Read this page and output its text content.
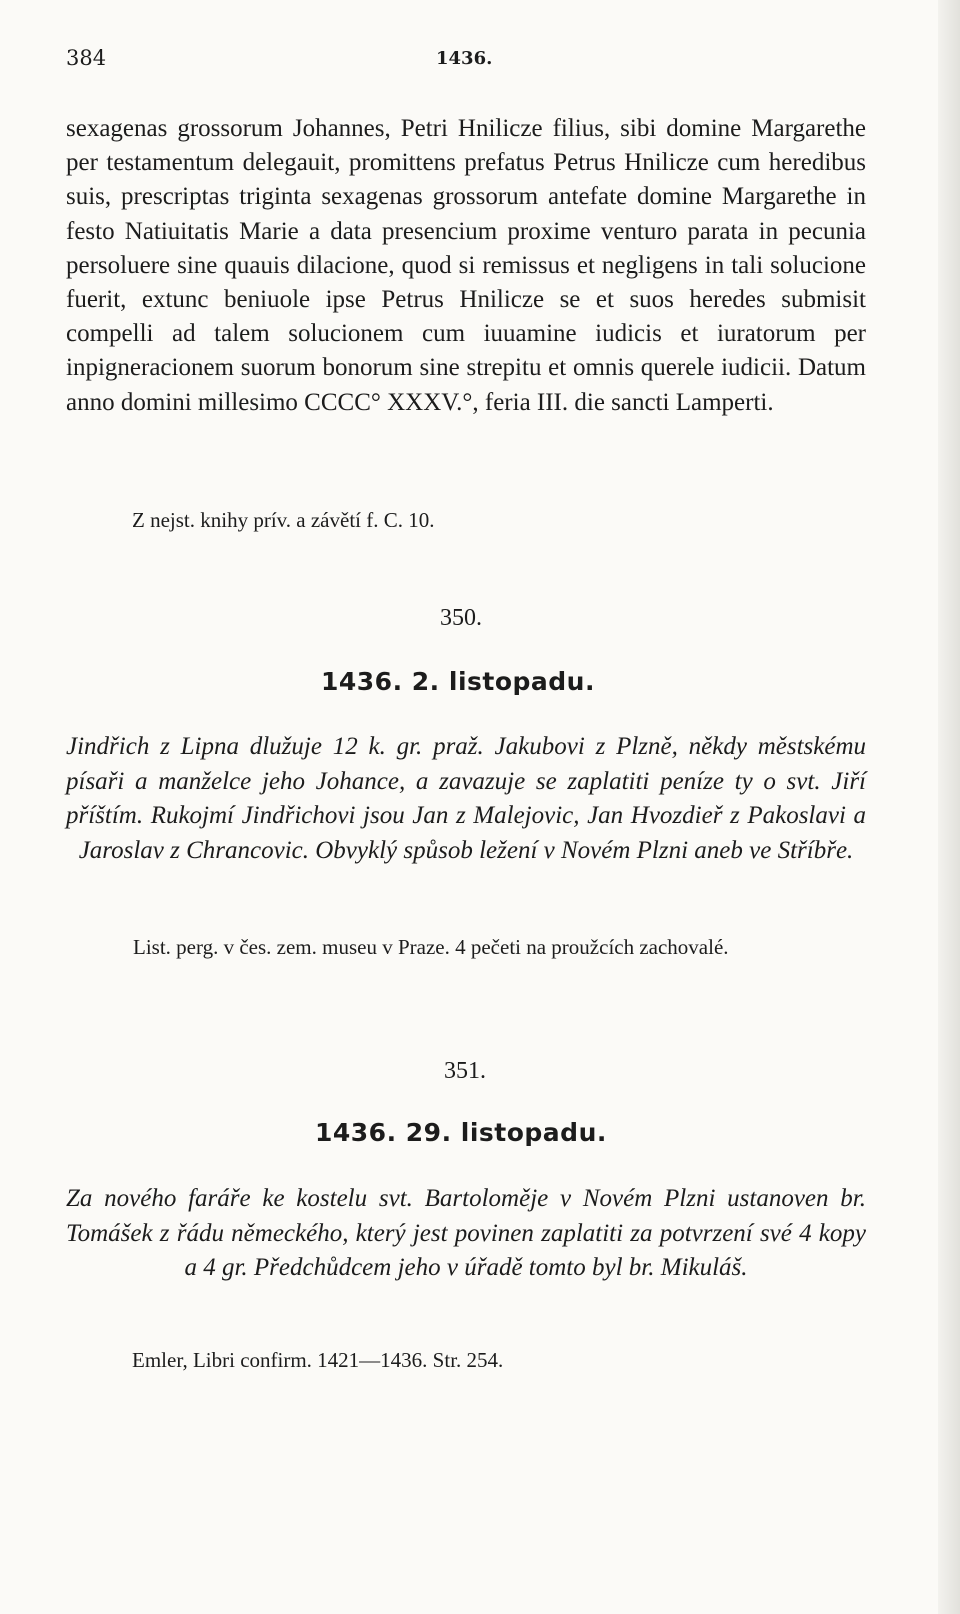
384	1436.

sexagenas grossorum Johannes, Petri Hnilicze filius, sibi domine Margarethe per testamentum delegauit, promittens prefatus Petrus Hnilicze cum heredibus suis, prescriptas triginta sexagenas grossorum antefate domine Margarethe in festo Natiuitatis Marie a data presencium proxime venturo parata in pecunia persoluere sine quauis dilacione, quod si remissus et negligens in tali solucione fuerit, extunc beniuole ipse Petrus Hnilicze se et suos heredes submisit compelli ad talem solucionem cum iuuamine iudicis et iuratorum per inpigneracionem suorum bonorum sine strepitu et omnis querele iudicii. Datum anno domini millesimo CCCC° XXXV.°, feria III. die sancti Lamperti.

Z nejst. knihy prív. a závětí f. C. 10.

350.

1436. 2. listopadu.

Jindřich z Lipna dlužuje 12 k. gr. praž. Jakubovi z Plzně, někdy městskému písaři a manželce jeho Johance, a zavazuje se zaplatiti peníze ty o svt. Jiří příštím. Rukojmí Jindřichovi jsou Jan z Malejovic, Jan Hvozdieř z Pakoslavi a Jaroslav z Chrancovic. Obvyklý spůsob ležení v Novém Plzni aneb ve Stříbře.

List. perg. v čes. zem. museu v Praze. 4 pečeti na proužcích zachovalé.

351.

1436. 29. listopadu.

Za nového faráře ke kostelu svt. Bartoloměje v Novém Plzni ustanoven br. Tomášek z řádu německého, který jest povinen zaplatiti za potvrzení své 4 kopy a 4 gr. Předchůdcem jeho v úřadě tomto byl br. Mikuláš.

Emler, Libri confirm. 1421—1436. Str. 254.
